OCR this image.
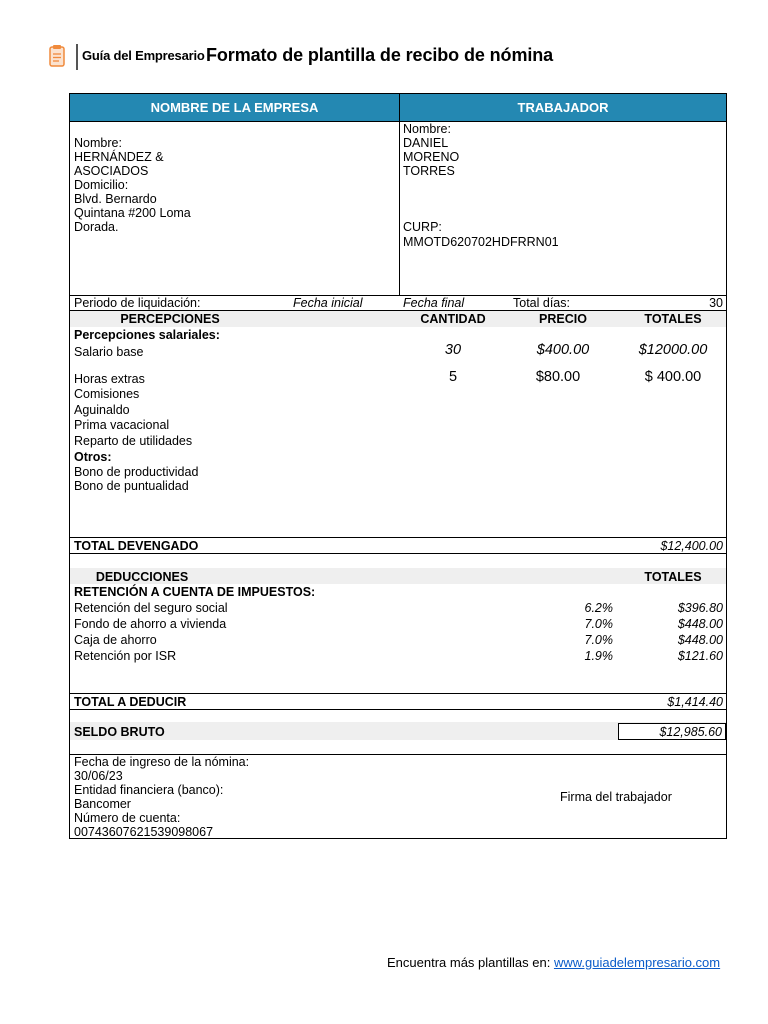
Guía del Empresario Formato de plantilla de recibo de nómina
NOMBRE DE LA EMPRESA	TRABAJADOR
Nombre:
HERNÁNDEZ &
ASOCIADOS
Domicilio:
Blvd. Bernardo
Quintana #200 Loma
Dorada.
Nombre:
DANIEL
MORENO
TORRES
CURP:
MMOTD620702HDFRRN01
Periodo de liquidación:	Fecha inicial	Fecha final	Total días:	30
PERCEPCIONES	CANTIDAD	PRECIO	TOTALES
Percepciones salariales:
Salario base	30	$400.00	$12000.00
Horas extras	5	$80.00	$ 400.00
Comisiones
Aguinaldo
Prima vacacional
Reparto de utilidades
Otros:
Bono de productividad
Bono de puntualidad
TOTAL DEVENGADO	$12,400.00
DEDUCCIONES	TOTALES
RETENCIÓN A CUENTA DE IMPUESTOS:
Retención del seguro social	6.2%	$396.80
Fondo de ahorro a vivienda	7.0%	$448.00
Caja de ahorro	7.0%	$448.00
Retención por ISR	1.9%	$121.60
TOTAL A DEDUCIR	$1,414.40
SELDO BRUTO	$12,985.60
Fecha de ingreso de la nómina:
30/06/23
Entidad financiera (banco):
Bancomer
Número de cuenta:
00743607621539098067
Firma del trabajador
Encuentra más plantillas en: www.guiadelempresario.com
